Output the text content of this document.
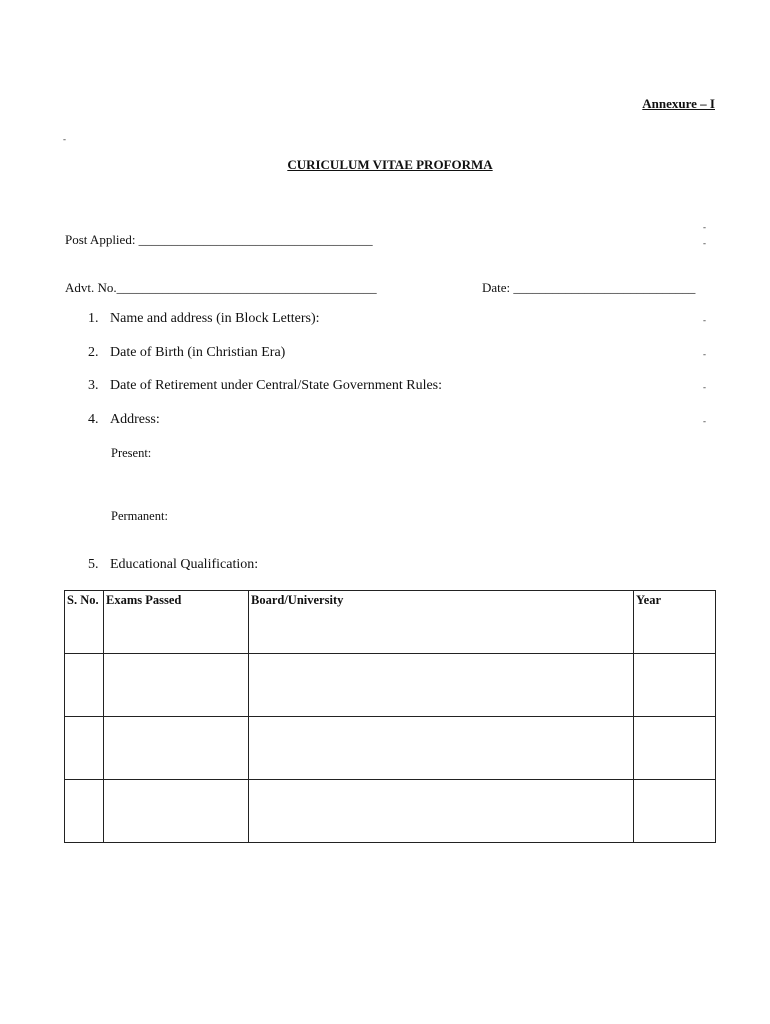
Annexure – I
-
CURICULUM VITAE PROFORMA
-
-
Post Applied: ____________________________________
Advt. No.________________________________________	Date: ____________________________
1. Name and address (in Block Letters):	-
2. Date of Birth (in Christian Era)	-
3. Date of Retirement under Central/State Government Rules:	-
4. Address:	-
Present:
Permanent:
5. Educational Qualification:
S. No.	Exams Passed	Board/University	Year
